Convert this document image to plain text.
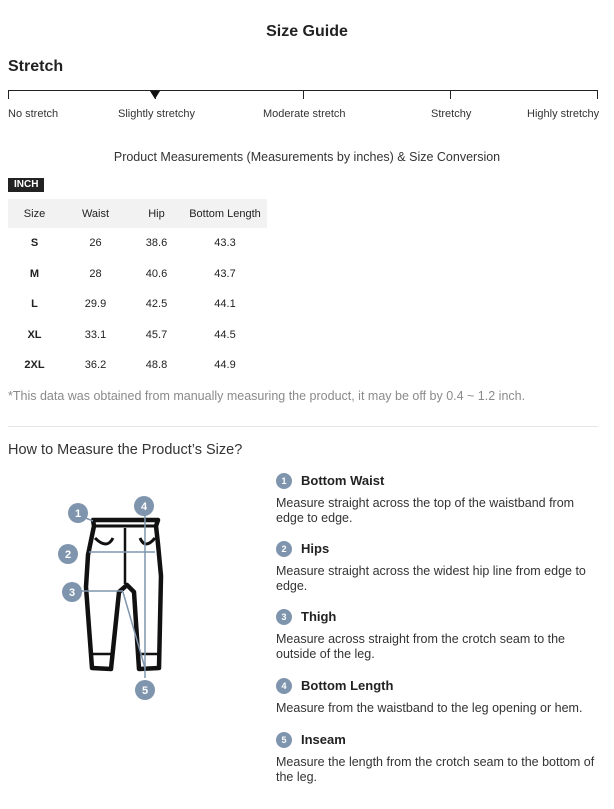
Size Guide
Stretch
No stretch	Slightly stretchy	Moderate stretch	Stretchy	Highly stretchy
Product Measurements (Measurements by inches) & Size Conversion
INCH
Size	Waist	Hip	Bottom Length
S	26	38.6	43.3
M	28	40.6	43.7
L	29.9	42.5	44.1
XL	33.1	45.7	44.5
2XL	36.2	48.8	44.9
*This data was obtained from manually measuring the product, it may be off by 0.4 ~ 1.2 inch.
How to Measure the Product’s Size?
1
2
3
4
5
1	Bottom Waist
Measure straight across the top of the waistband from edge to edge.
2	Hips
Measure straight across the widest hip line from edge to edge.
3	Thigh
Measure across straight from the crotch seam to the outside of the leg.
4	Bottom Length
Measure from the waistband to the leg opening or hem.
5	Inseam
Measure the length from the crotch seam to the bottom of the leg.
